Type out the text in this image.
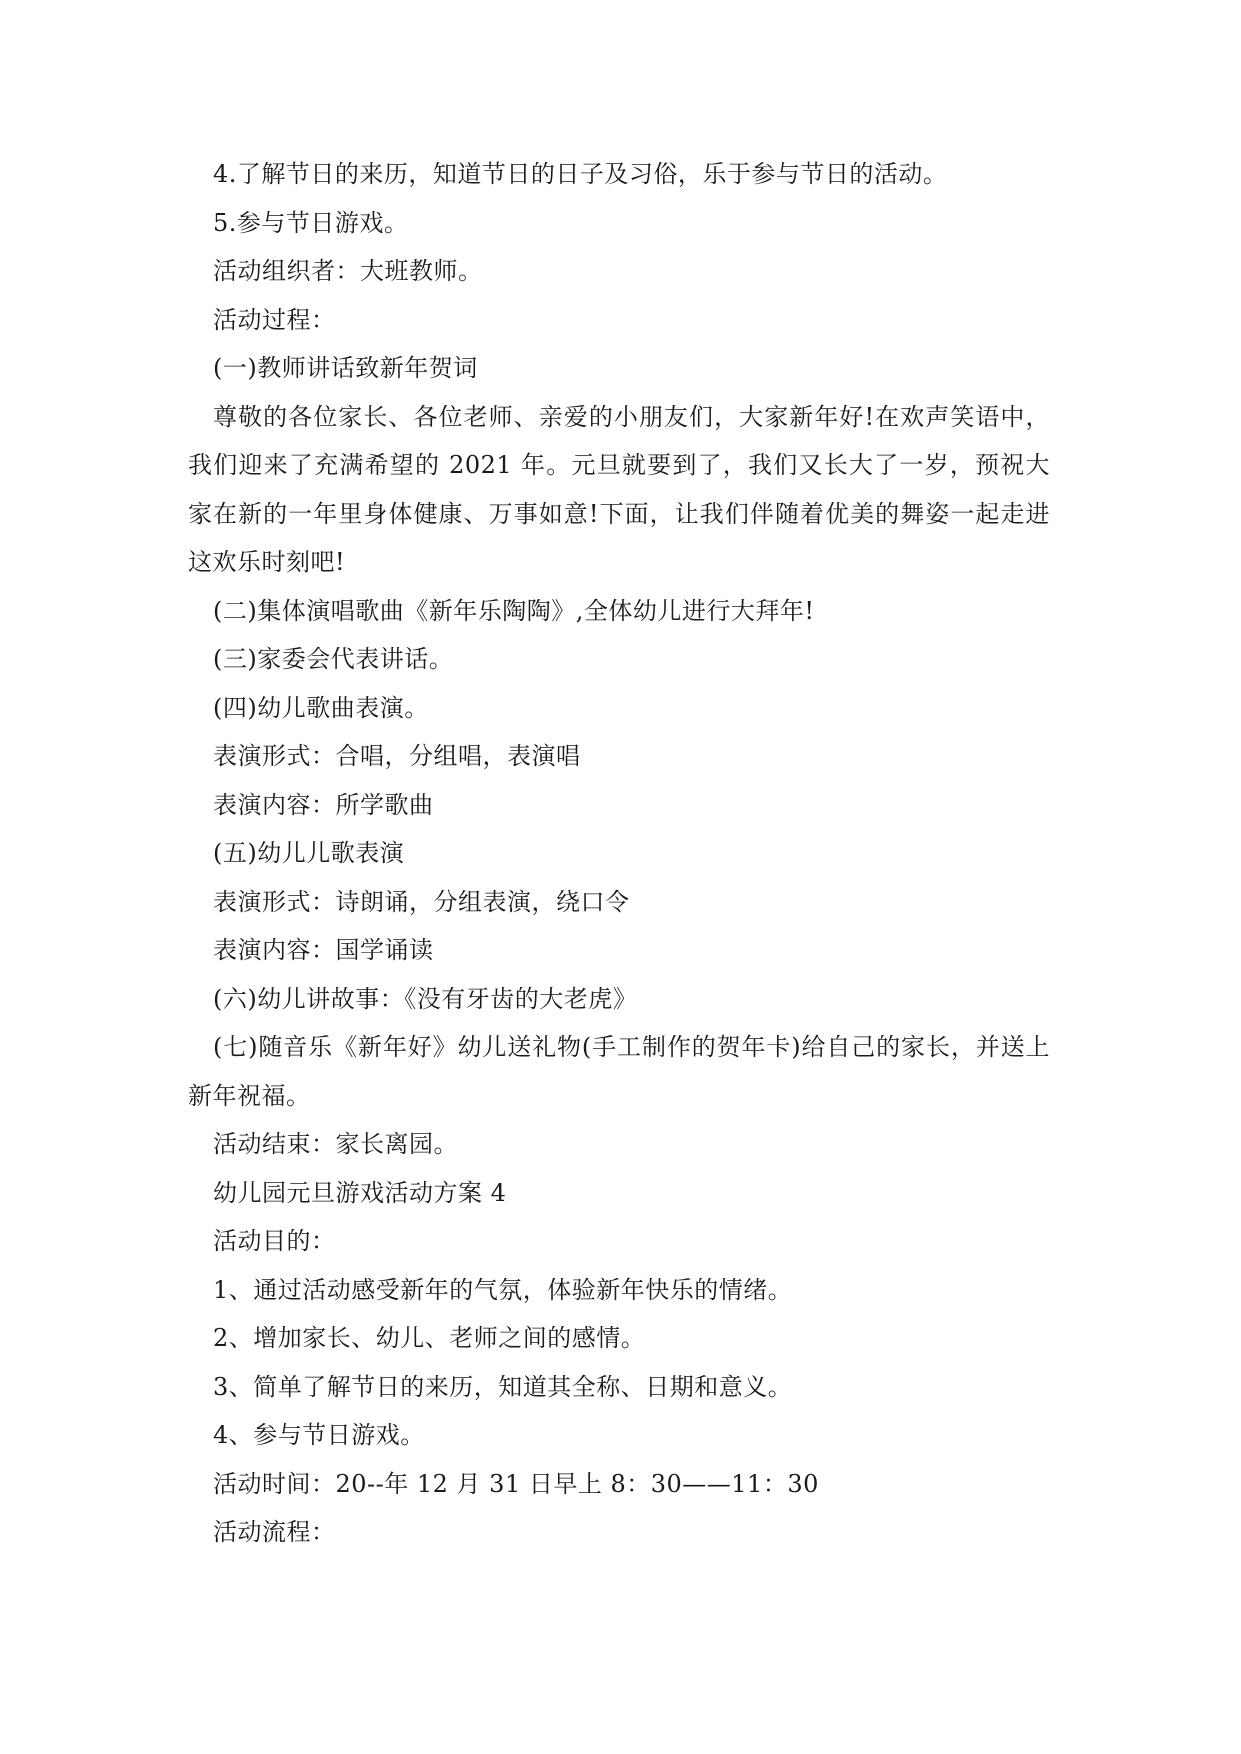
4.了解节日的来历，知道节日的日子及习俗，乐于参与节日的活动。
5.参与节日游戏。
活动组织者：大班教师。
活动过程：
(一)教师讲话致新年贺词
尊敬的各位家长、各位老师、亲爱的小朋友们，大家新年好!在欢声笑语中，我们迎来了充满希望的 2021 年。元旦就要到了，我们又长大了一岁，预祝大家在新的一年里身体健康、万事如意!下面，让我们伴随着优美的舞姿一起走进这欢乐时刻吧!
(二)集体演唱歌曲《新年乐陶陶》,全体幼儿进行大拜年!
(三)家委会代表讲话。
(四)幼儿歌曲表演。
表演形式：合唱，分组唱，表演唱
表演内容：所学歌曲
(五)幼儿儿歌表演
表演形式：诗朗诵，分组表演，绕口令
表演内容：国学诵读
(六)幼儿讲故事：《没有牙齿的大老虎》
(七)随音乐《新年好》幼儿送礼物(手工制作的贺年卡)给自己的家长，并送上新年祝福。
活动结束：家长离园。
幼儿园元旦游戏活动方案 4
活动目的：
1、通过活动感受新年的气氛，体验新年快乐的情绪。
2、增加家长、幼儿、老师之间的感情。
3、简单了解节日的来历，知道其全称、日期和意义。
4、参与节日游戏。
活动时间：20--年 12 月 31 日早上 8：30——11：30
活动流程：
